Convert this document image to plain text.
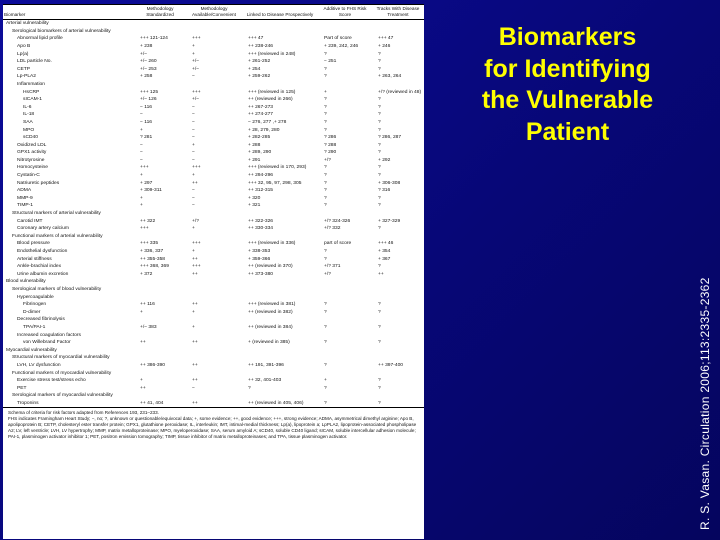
Biomarker	Methodology Standardized	Methodology Available/Convenient	Linked to Disease Prospectively	Additive to FHS Risk Score	Tracks With Disease Treatment
Arterial vulnerability					
Serological biomarkers of arterial vulnerability					
Abnormal lipid profile	+++ 121-124	+++	+++ 47	Part of score	+++ 47
Apo B	+ 238	+	++ 238-246	+ 239, 242, 246	+ 246
Lp(a)	+/−	+	+++ (reviewed in 248)	?	?
LDL particle No.	+/− 260	+/−	+ 261-252	− 251	?
CETP	+/− 253	+/−	+ 254	?	?
Lp-PLA2	+ 258	−	+ 259-262	?	+ 263, 264
Inflammation					
HsCRP	+++ 125	+++	+++ (reviewed in 125)	+	+/? (reviewed in 48)
sICAM-1	+/− 126	+/−	++ (reviewed in 266)	?	?
IL-6	− 116	−	++ 267-273	?	?
IL-18	−	−	++ 274-277	?	?
SAA	− 116	−	− 276, 277 ,+ 278	?	?
MPO	+	−	+ 28, 279, 280	?	?
sCD40	? 281	−	+ 282-285	? 286	? 286, 287
Oxidized LDL	−	+	+ 288	? 288	?
GPX1 activity	−	−	+ 289, 290	? 290	?
Nitrotyrosine	−	−	+ 291	+/?	+ 292
Homocysteine	+++	+++	+++ (reviewed in 170, 293)	?	?
Cystatin-C	+	+	++ 294-296	?	?
Natriuretic peptides	+ 297	++	+++ 32, 95, 97, 298, 305	?	+ 306-308
ADMA	+ 309-311	−	++ 312-315	?	? 316
MMP-9	+	−	+ 320	?	?
TIMP-1	+	−	+ 321	?	?
Structural markers of arterial vulnerability					
Carotid IMT	++ 322	+/?	++ 322-326	+/? 324-326	+ 327-329
Coronary artery calcium	+++	+	++ 330-334	+/? 332	?
Functional markers of arterial vulnerability					
Blood pressure	+++ 335	+++	+++ (reviewed in 336)	part of score	+++ 46
Endothelial dysfunction	+ 336, 337	+	+ 338-353	?	+ 354
Arterial stiffness	++ 355-358	++	+ 359-366	?	+ 367
Ankle-brachial index	+++ 368, 369	+++	++ (reviewed in 370)	+/? 371	?
Urine albumin excretion	+ 372	++	++ 373-380	+/?	++
Blood vulnerability					
Serological markers of blood vulnerability					
Hypercoagulable					
Fibrinogen	++ 116	++	+++ (reviewed in 381)	?	?
D-dimer	+	+	++ (reviewed in 382)	?	?
Decreased fibrinolysis					
TPA/PAI-1	+/− 383	+	++ (reviewed in 384)	?	?
Increased coagulation factors					
von Willebrand Factor	++	++	+ (reviewed in 385)	?	?
Myocardial vulnerability					
Structural markers of myocardial vulnerability					
LVH, LV dysfunction	++ 386-390	++	++ 191, 391-396	?	++ 397-400
Functional markers of myocardial vulnerability					
Exercise stress test/stress echo	+	++	++ 32, 401-403	+	?
PET	++	−	?	?	?
Serological markers of myocardial vulnerability					
Troponins	++ 41, 404	++	++ (reviewed in 405, 406)	?	?
Schema of criteria for risk factors adapted from References 193, 231–233.
FHS indicates Framingham Heart Study; −, no; ?, unknown or questionable/equivocal data; +, some evidence; ++, good evidence; +++, strong evidence; ADMA, asymmetrical dimethyl arginine; Apo B, apolipoprotein B; CETP, cholesteryl ester transfer protein; GPX1, glutathione peroxidase; IL, interleukin; IMT, intimal-medial thickness; Lp(a), lipoprotein a; LpPLA2, lipoprotein-associated phospholipase A2; LV, left ventricle; LVH, LV hypertrophy; MMP, matrix metalloproteinase; MPO, myeloperoxidase; SAA, serum amyloid A; sCD40, soluble CD40 ligand; sICAM, soluble intercellular adhesion molecule; PAI-1, plasminogen activator inhibitor 1; PET, positron emission tomography; TIMP, tissue inhibitor of matrix metalloproteinases; and TPA, tissue plasminogen activator.
Biomarkers
for Identifying
the Vulnerable
Patient
R. S. Vasan. Circulation 2006;113:2335-2362
